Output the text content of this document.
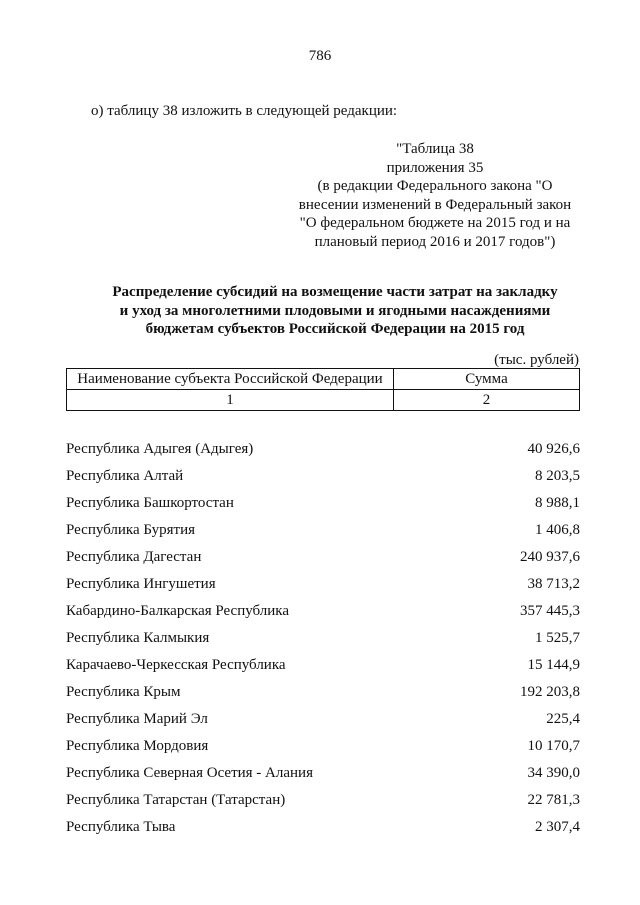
786
о) таблицу 38 изложить в следующей редакции:
"Таблица 38
приложения 35
(в редакции Федерального закона "О
внесении изменений в Федеральный закон
"О федеральном бюджете на 2015 год и на
плановый период 2016 и 2017 годов")
Распределение субсидий на возмещение части затрат на закладку
и уход за многолетними плодовыми и ягодными насаждениями
бюджетам субъектов Российской Федерации на 2015 год
(тыс. рублей)
Наименование субъекта Российской Федерации	Сумма
1	2
Республика Адыгея (Адыгея)	40 926,6
Республика Алтай	8 203,5
Республика Башкортостан	8 988,1
Республика Бурятия	1 406,8
Республика Дагестан	240 937,6
Республика Ингушетия	38 713,2
Кабардино-Балкарская Республика	357 445,3
Республика Калмыкия	1 525,7
Карачаево-Черкесская Республика	15 144,9
Республика Крым	192 203,8
Республика Марий Эл	225,4
Республика Мордовия	10 170,7
Республика Северная Осетия - Алания	34 390,0
Республика Татарстан (Татарстан)	22 781,3
Республика Тыва	2 307,4
